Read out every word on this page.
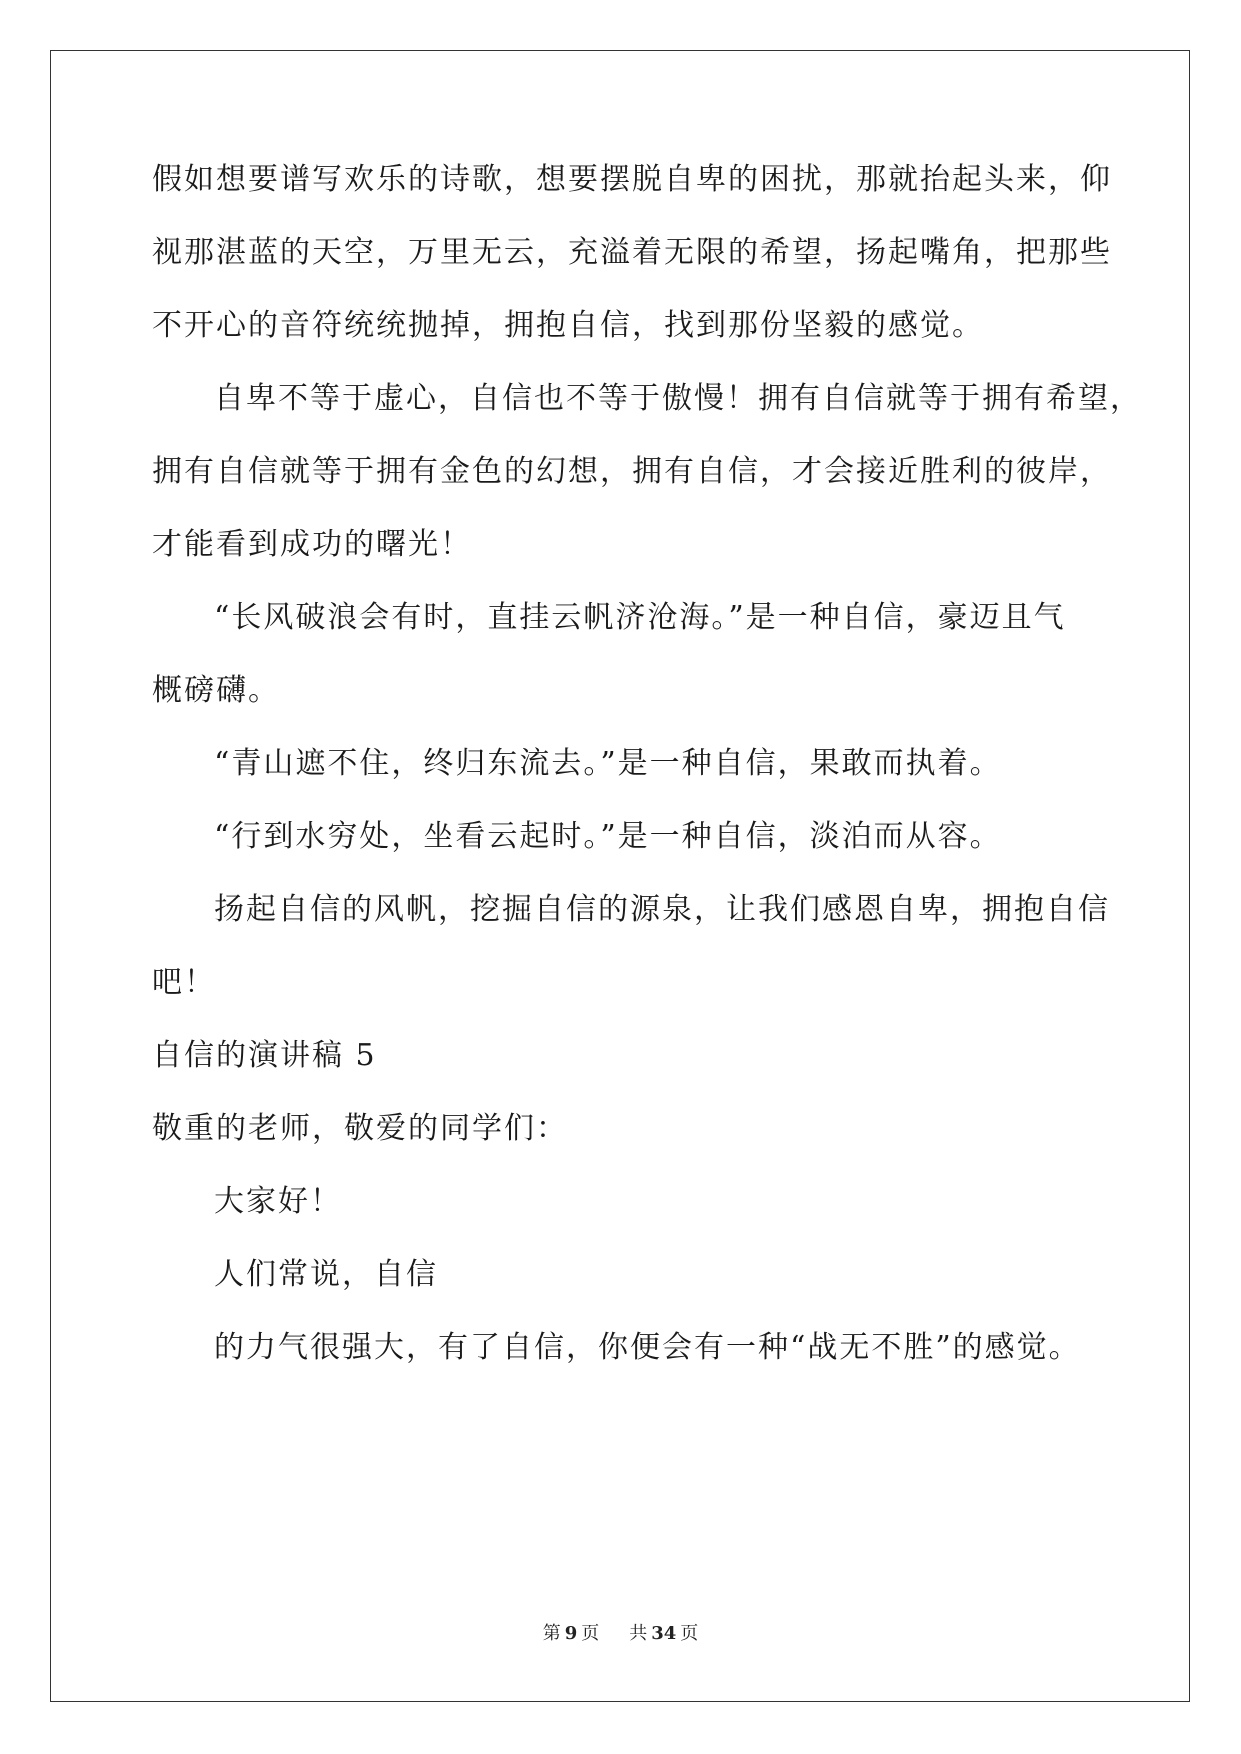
假如想要谱写欢乐的诗歌，想要摆脱自卑的困扰，那就抬起头来，仰
视那湛蓝的天空，万里无云，充溢着无限的希望，扬起嘴角，把那些
不开心的音符统统抛掉，拥抱自信，找到那份坚毅的感觉。
自卑不等于虚心，自信也不等于傲慢！拥有自信就等于拥有希望，
拥有自信就等于拥有金色的幻想，拥有自信，才会接近胜利的彼岸，
才能看到成功的曙光！
“长风破浪会有时，直挂云帆济沧海。”是一种自信，豪迈且气
概磅礴。
“青山遮不住，终归东流去。”是一种自信，果敢而执着。
“行到水穷处，坐看云起时。”是一种自信，淡泊而从容。
扬起自信的风帆，挖掘自信的源泉，让我们感恩自卑，拥抱自信
吧！
自信的演讲稿 5
敬重的老师，敬爱的同学们：
大家好！
人们常说，自信
的力气很强大，有了自信，你便会有一种“战无不胜”的感觉。
第 9 页 共 34 页
